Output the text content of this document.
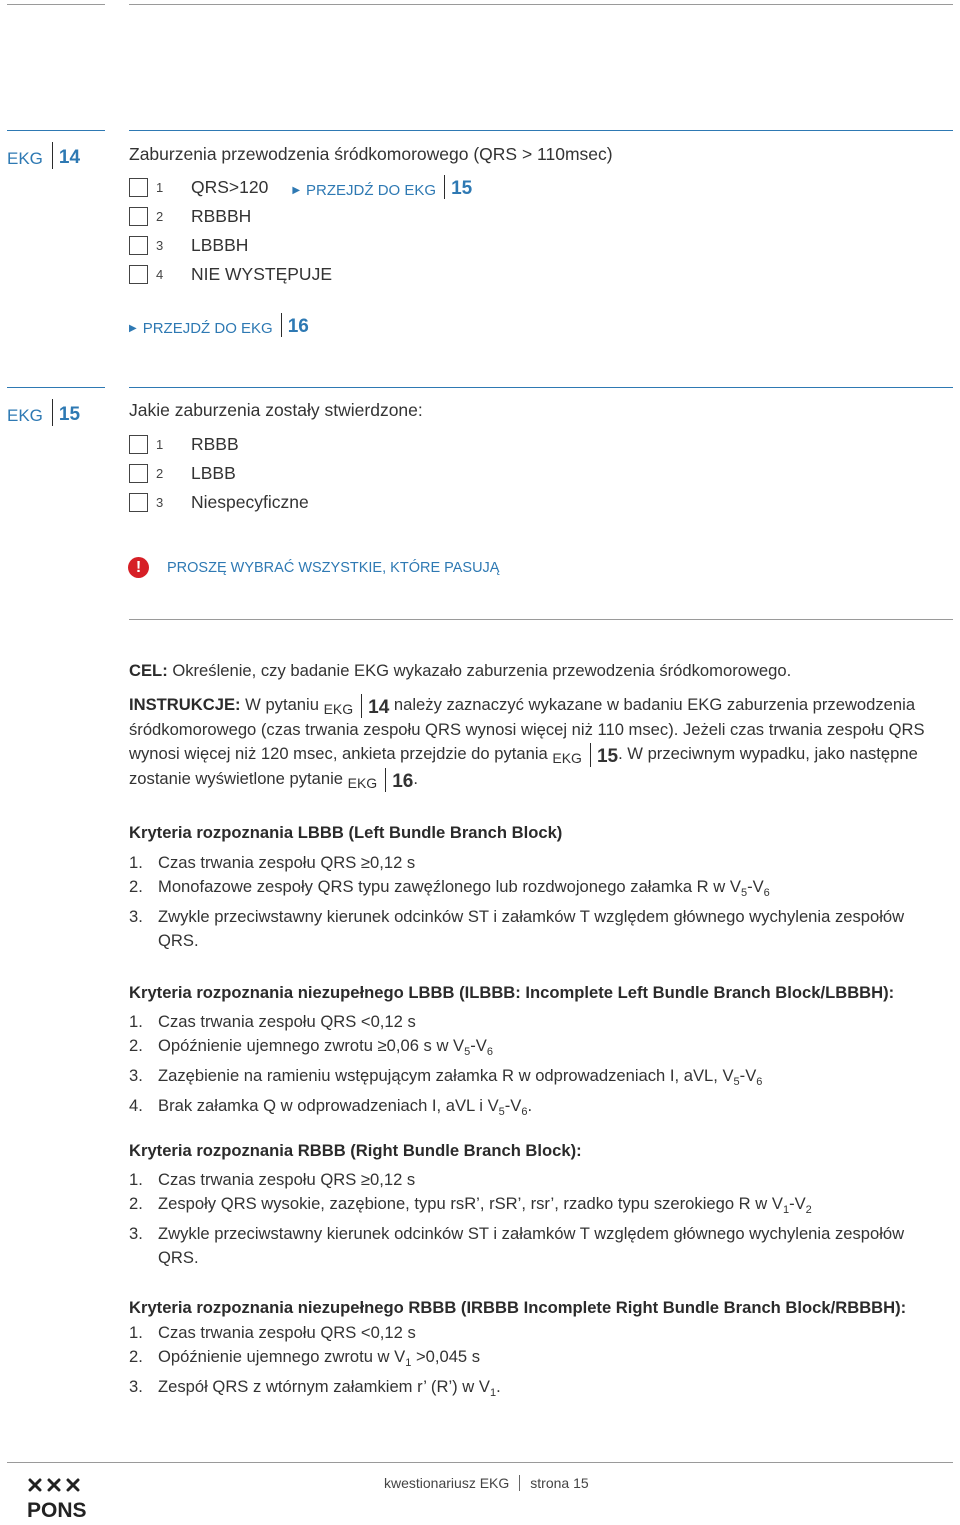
EKG 14	Zaburzenia przewodzenia śródkomorowego (QRS > 110msec)
1	QRS>120 ▶ PRZEJDŹ DO EKG 15
2	RBBBH
3	LBBBH
4	NIE WYSTĘPUJE
▶ PRZEJDŹ DO EKG 16
EKG 15	Jakie zaburzenia zostały stwierdzone:
1	RBBB
2	LBBB
3	Niespecyficzne
!	PROSZĘ WYBRAĆ WSZYSTKIE, KTÓRE PASUJĄ
CEL: Określenie, czy badanie EKG wykazało zaburzenia przewodzenia śródkomorowego.
INSTRUKCJE: W pytaniu EKG 14 należy zaznaczyć wykazane w badaniu EKG zaburzenia przewodzenia śródkomorowego (czas trwania zespołu QRS wynosi więcej niż 110 msec). Jeżeli czas trwania zespołu QRS wynosi więcej niż 120 msec, ankieta przejdzie do pytania EKG 15 . W przeciwnym wypadku, jako następne zostanie wyświetlone pytanie EKG 16 .
Kryteria rozpoznania LBBB (Left Bundle Branch Block)
1. Czas trwania zespołu QRS ≥0,12 s
2. Monofazowe zespoły QRS typu zawęźlonego lub rozdwojonego załamka R w $V_5-V_6$
3. Zwykle przeciwstawny kierunek odcinków ST i załamków T względem głównego wychylenia zespołów QRS.
Kryteria rozpoznania niezupełnego LBBB (ILBBB: Incomplete Left Bundle Branch Block/LBBBH):
1. Czas trwania zespołu QRS <0,12 s
2. Opóźnienie ujemnego zwrotu ≥0,06 s w $V_5-V_6$
3. Zazębienie na ramieniu wstępującym załamka R w odprowadzeniach I, aVL, $V_5-V_6$
4. Brak załamka Q w odprowadzeniach I, aVL i $V_5-V_6$.
Kryteria rozpoznania RBBB (Right Bundle Branch Block):
1. Czas trwania zespołu QRS ≥0,12 s
2. Zespoły QRS wysokie, zazębione, typu rsR’, rSR’, rsr’, rzadko typu szerokiego R w $V_1-V_2$
3. Zwykle przeciwstawny kierunek odcinków ST i załamków T względem głównego wychylenia zespołów QRS.
Kryteria rozpoznania niezupełnego RBBB (IRBBB Incomplete Right Bundle Branch Block/RBBBH):
1. Czas trwania zespołu QRS <0,12 s
2. Opóźnienie ujemnego zwrotu w $V_1 >0,045$ s
3. Zespół QRS z wtórnym załamkiem r’ (R’) w $V_1$.
PONS
kwestionariusz EKG strona 15
